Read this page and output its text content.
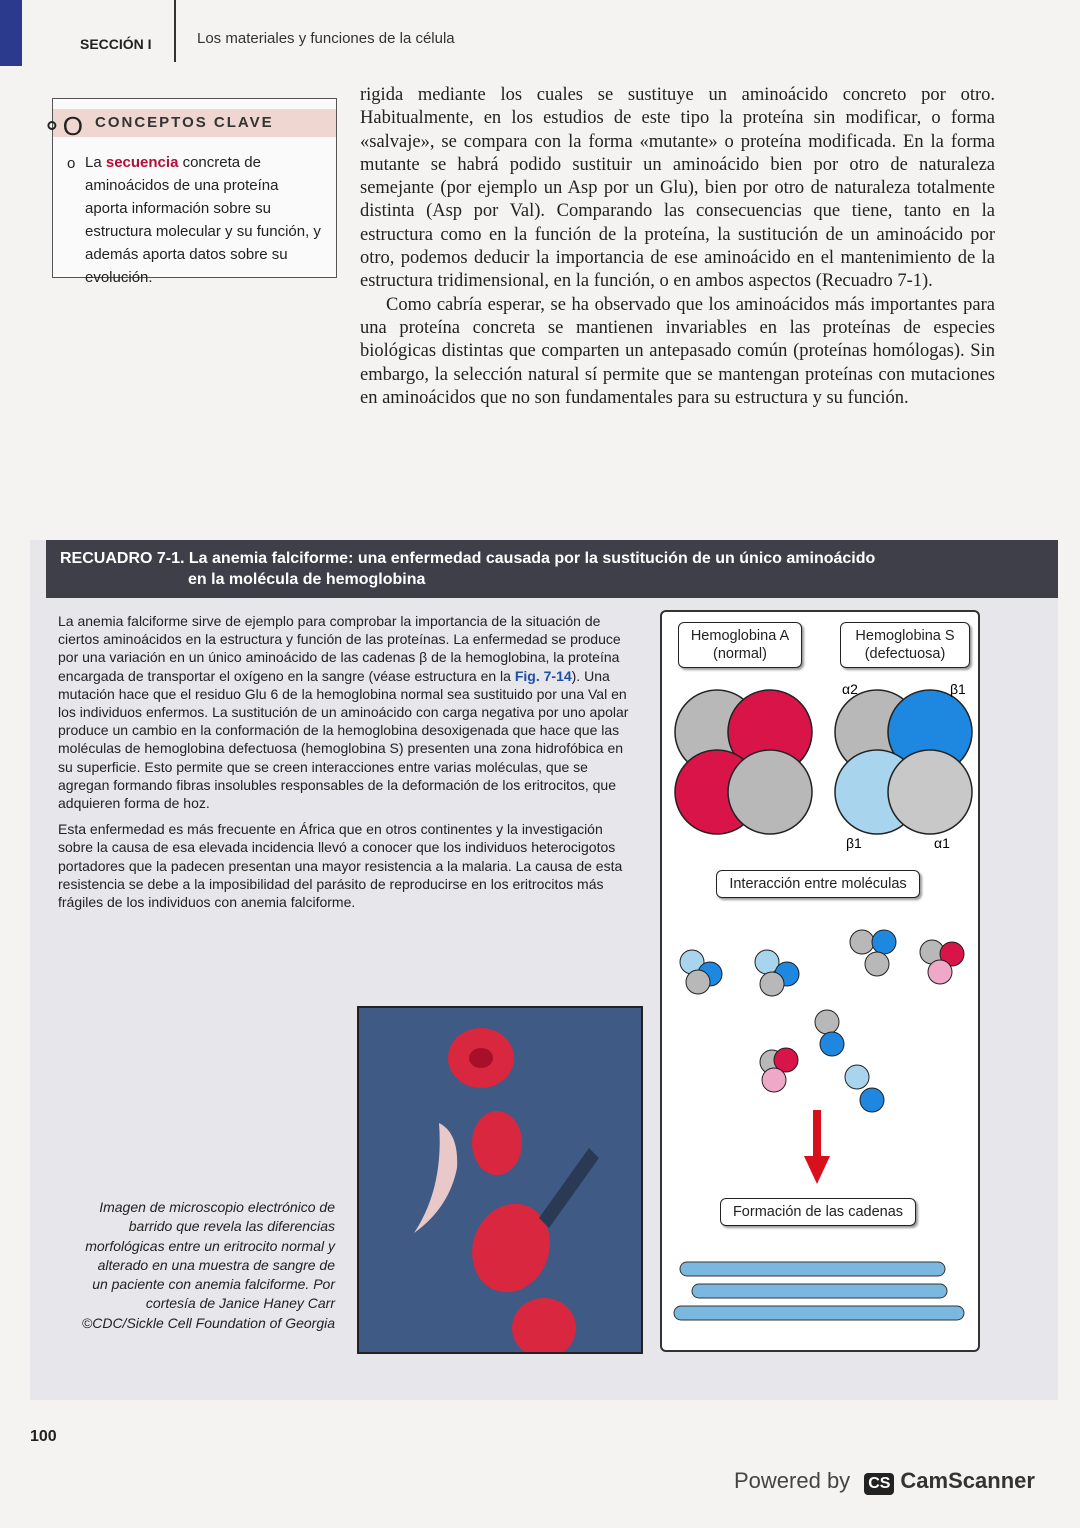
SECCIÓN I	Los materiales y funciones de la célula
⚬O CONCEPTOS CLAVE
o La secuencia concreta de aminoácidos de una proteína aporta información sobre su estructura molecular y su función, y además aporta datos sobre su evolución.

rigida mediante los cuales se sustituye un aminoácido concreto por otro. Habitualmente, en los estudios de este tipo la proteína sin modificar, o forma «salvaje», se compara con la forma «mutante» o proteína modificada. En la forma mutante se habrá podido sustituir un aminoácido bien por otro de naturaleza semejante (por ejemplo un Asp por un Glu), bien por otro de naturaleza totalmente distinta (Asp por Val). Comparando las consecuencias que tiene, tanto en la estructura como en la función de la proteína, la sustitución de un aminoácido por otro, podemos deducir la importancia de ese aminoácido en el mantenimiento de la estructura tridimensional, en la función, o en ambos aspectos (Recuadro 7-1).

Como cabría esperar, se ha observado que los aminoácidos más importantes para una proteína concreta se mantienen invariables en las proteínas de especies biológicas distintas que comparten un antepasado común (proteínas homólogas). Sin embargo, la selección natural sí permite que se mantengan proteínas con mutaciones en aminoácidos que no son fundamentales para su estructura y su función.

RECUADRO 7-1. La anemia falciforme: una enfermedad causada por la sustitución de un único aminoácido
en la molécula de hemoglobina

La anemia falciforme sirve de ejemplo para comprobar la importancia de la situación de ciertos aminoácidos en la estructura y función de las proteínas. La enfermedad se produce por una variación en un único aminoácido de las cadenas β de la hemoglobina, la proteína encargada de transportar el oxígeno en la sangre (véase estructura en la Fig. 7-14). Una mutación hace que el residuo Glu 6 de la hemoglobina normal sea sustituido por una Val en los individuos enfermos. La sustitución de un aminoácido con carga negativa por uno apolar produce un cambio en la conformación de la hemoglobina desoxigenada que hace que las moléculas de hemoglobina defectuosa (hemoglobina S) presenten una zona hidrofóbica en su superficie. Esto permite que se creen interacciones entre varias moléculas, que se agregan formando fibras insolubles responsables de la deformación de los eritrocitos, que adquieren forma de hoz.

Esta enfermedad es más frecuente en África que en otros continentes y la investigación sobre la causa de esa elevada incidencia llevó a conocer que los individuos heterocigotos portadores que la padecen presentan una mayor resistencia a la malaria. La causa de esta resistencia se debe a la imposibilidad del parásito de reproducirse en los eritrocitos más frágiles de los individuos con anemia falciforme.

Imagen de microscopio electrónico de barrido que revela las diferencias morfológicas entre un eritrocito normal y alterado en una muestra de sangre de un paciente con anemia falciforme. Por cortesía de Janice Haney Carr ©CDC/Sickle Cell Foundation of Georgia
α2	β1
β1	α1
Hemoglobina A
(normal)
Hemoglobina S
(defectuosa)
Interacción entre moléculas
Formación de las cadenas
100
Powered by CS CamScanner
